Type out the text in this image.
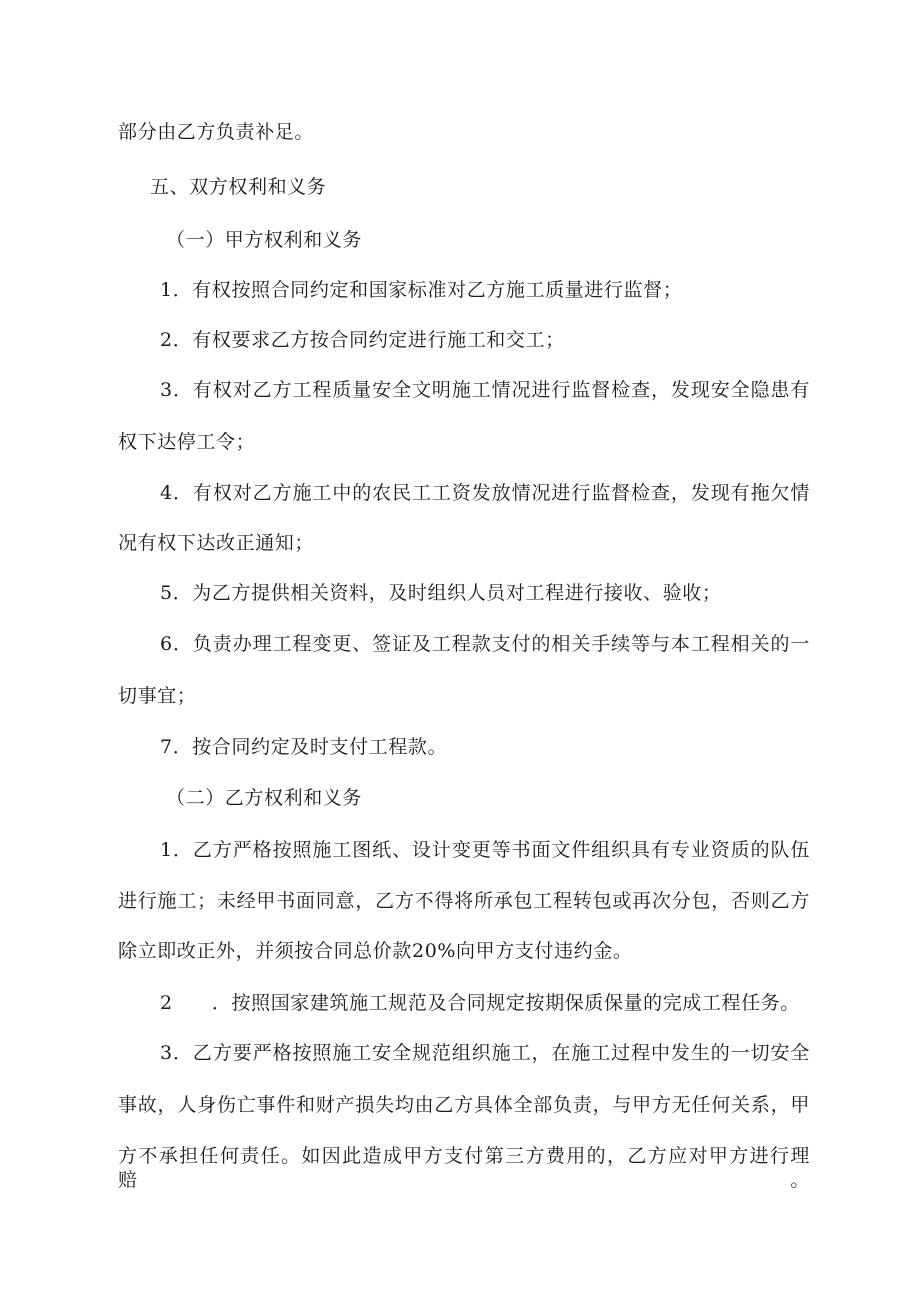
部分由乙方负责补足。
五、双方权利和义务
（一）甲方权利和义务
1．有权按照合同约定和国家标准对乙方施工质量进行监督；
2．有权要求乙方按合同约定进行施工和交工；
3．有权对乙方工程质量安全文明施工情况进行监督检查，发现安全隐患有
权下达停工令；
4．有权对乙方施工中的农民工工资发放情况进行监督检查，发现有拖欠情
况有权下达改正通知；
5．为乙方提供相关资料，及时组织人员对工程进行接收、验收；
6．负责办理工程变更、签证及工程款支付的相关手续等与本工程相关的一
切事宜；
7．按合同约定及时支付工程款。
（二）乙方权利和义务
1．乙方严格按照施工图纸、设计变更等书面文件组织具有专业资质的队伍
进行施工；未经甲书面同意，乙方不得将所承包工程转包或再次分包，否则乙方
除立即改正外，并须按合同总价款20%向甲方支付违约金。
2　　．按照国家建筑施工规范及合同规定按期保质保量的完成工程任务。
3．乙方要严格按照施工安全规范组织施工，在施工过程中发生的一切安全
事故，人身伤亡事件和财产损失均由乙方具体全部负责，与甲方无任何关系，甲
方不承担任何责任。如因此造成甲方支付第三方费用的，乙方应对甲方进行理赔。
